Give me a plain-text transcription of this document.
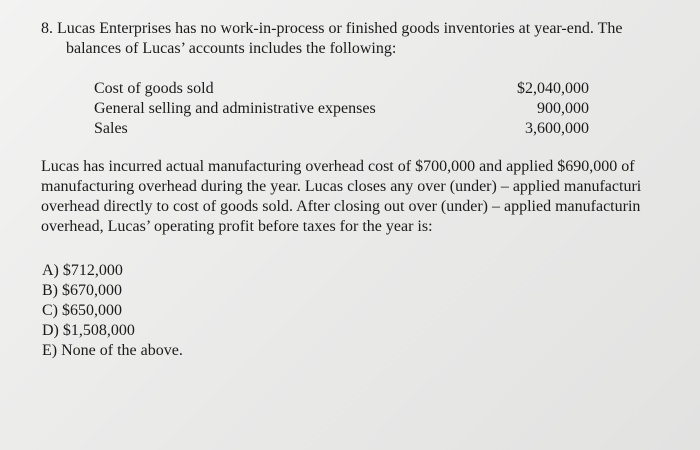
8. Lucas Enterprises has no work-in-process or finished goods inventories at year-end. The
balances of Lucas’ accounts includes the following:
Cost of goods sold	$2,040,000
General selling and administrative expenses	900,000
Sales	3,600,000
Lucas has incurred actual manufacturing overhead cost of $700,000 and applied $690,000 of
manufacturing overhead during the year. Lucas closes any over (under) – applied manufacturi
overhead directly to cost of goods sold. After closing out over (under) – applied manufacturin
overhead, Lucas’ operating profit before taxes for the year is:
A) $712,000
B) $670,000
C) $650,000
D) $1,508,000
E) None of the above.
